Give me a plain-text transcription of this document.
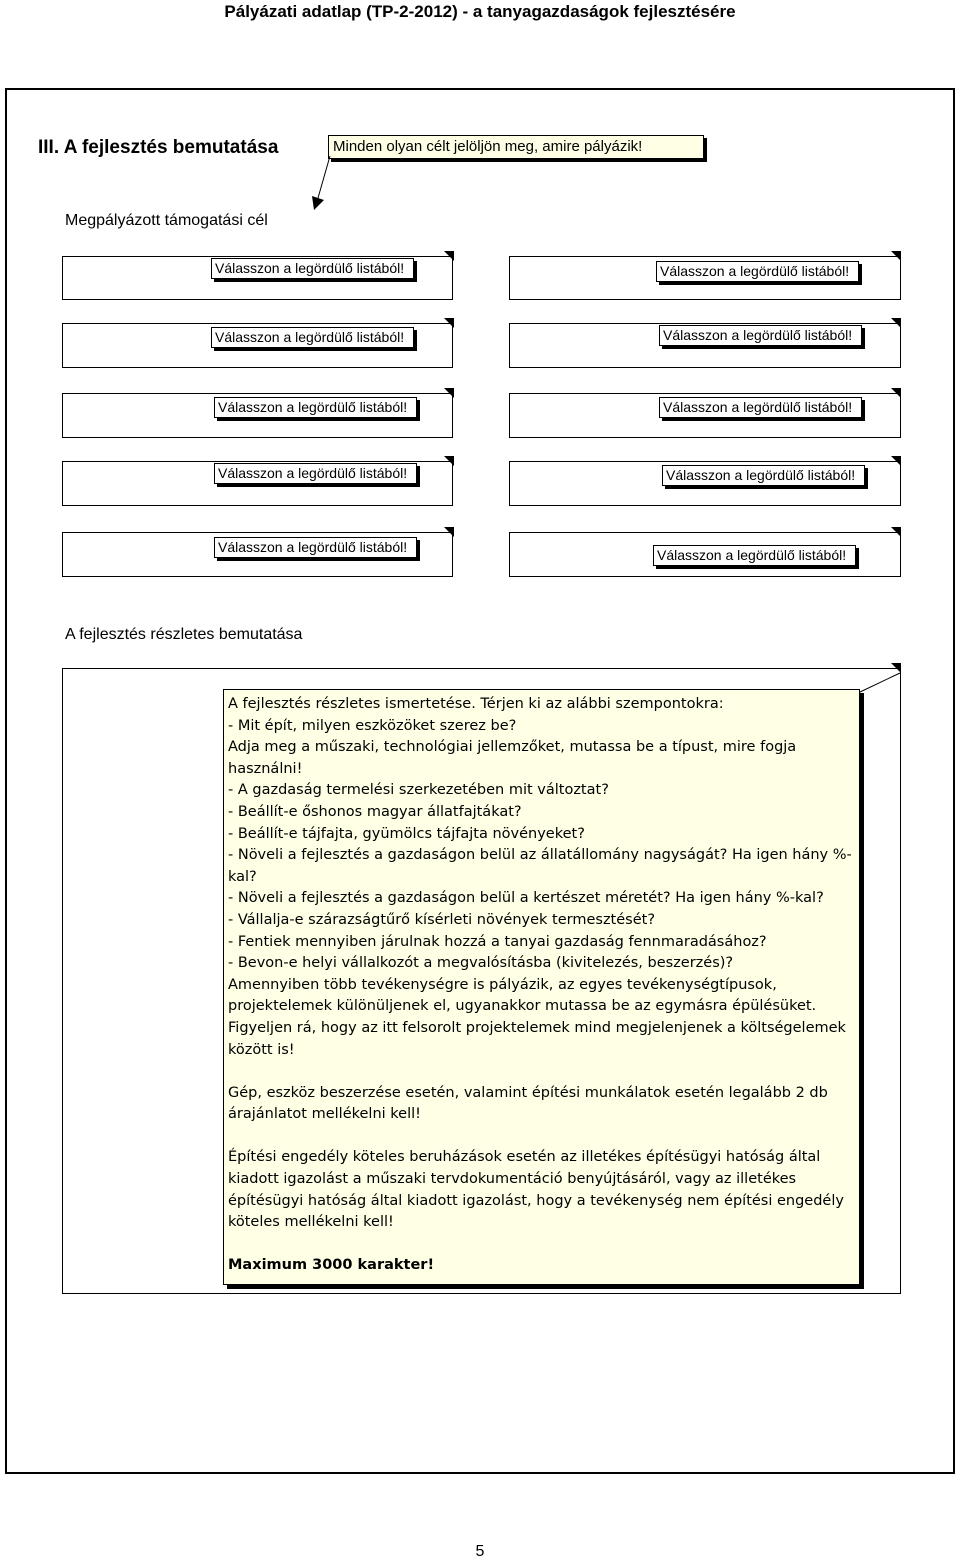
Pályázati adatlap (TP-2-2012) - a tanyagazdaságok fejlesztésére
III. A fejlesztés bemutatása	Minden olyan célt jelöljön meg, amire pályázik!
Megpályázott támogatási cél
Válasszon a legördülő listából!
Válasszon a legördülő listából!
Válasszon a legördülő listából!
Válasszon a legördülő listából!
Válasszon a legördülő listából!
Válasszon a legördülő listából!
Válasszon a legördülő listából!
Válasszon a legördülő listából!
Válasszon a legördülő listából!
Válasszon a legördülő listából!
A fejlesztés részletes bemutatása

A fejlesztés részletes ismertetése. Térjen ki az alábbi szempontokra:

- Mit épít, milyen eszközöket szerez be?

Adja meg a műszaki, technológiai jellemzőket, mutassa be a típust, mire fogja

használni!

- A gazdaság termelési szerkezetében mit változtat?

- Beállít-e őshonos magyar állatfajtákat?

- Beállít-e tájfajta, gyümölcs tájfajta növényeket?

- Növeli a fejlesztés a gazdaságon belül az állatállomány nagyságát? Ha igen hány %-

kal?

- Növeli a fejlesztés a gazdaságon belül a kertészet méretét? Ha igen hány %-kal?

- Vállalja-e szárazságtűrő kísérleti növények termesztését?

- Fentiek mennyiben járulnak hozzá a tanyai gazdaság fennmaradásához?

- Bevon-e helyi vállalkozót a megvalósításba (kivitelezés, beszerzés)?

Amennyiben több tevékenységre is pályázik, az egyes tevékenységtípusok,

projektelemek különüljenek el, ugyanakkor mutassa be az egymásra épülésüket.

Figyeljen rá, hogy az itt felsorolt projektelemek mind megjelenjenek a költségelemek

között is!

Gép, eszköz beszerzése esetén, valamint építési munkálatok esetén legalább 2 db

árajánlatot mellékelni kell!

Építési engedély köteles beruházások esetén az illetékes építésügyi hatóság által

kiadott igazolást a műszaki tervdokumentáció benyújtásáról, vagy az illetékes

építésügyi hatóság által kiadott igazolást, hogy a tevékenység nem építési engedély

köteles mellékelni kell!

Maximum 3000 karakter!

5
